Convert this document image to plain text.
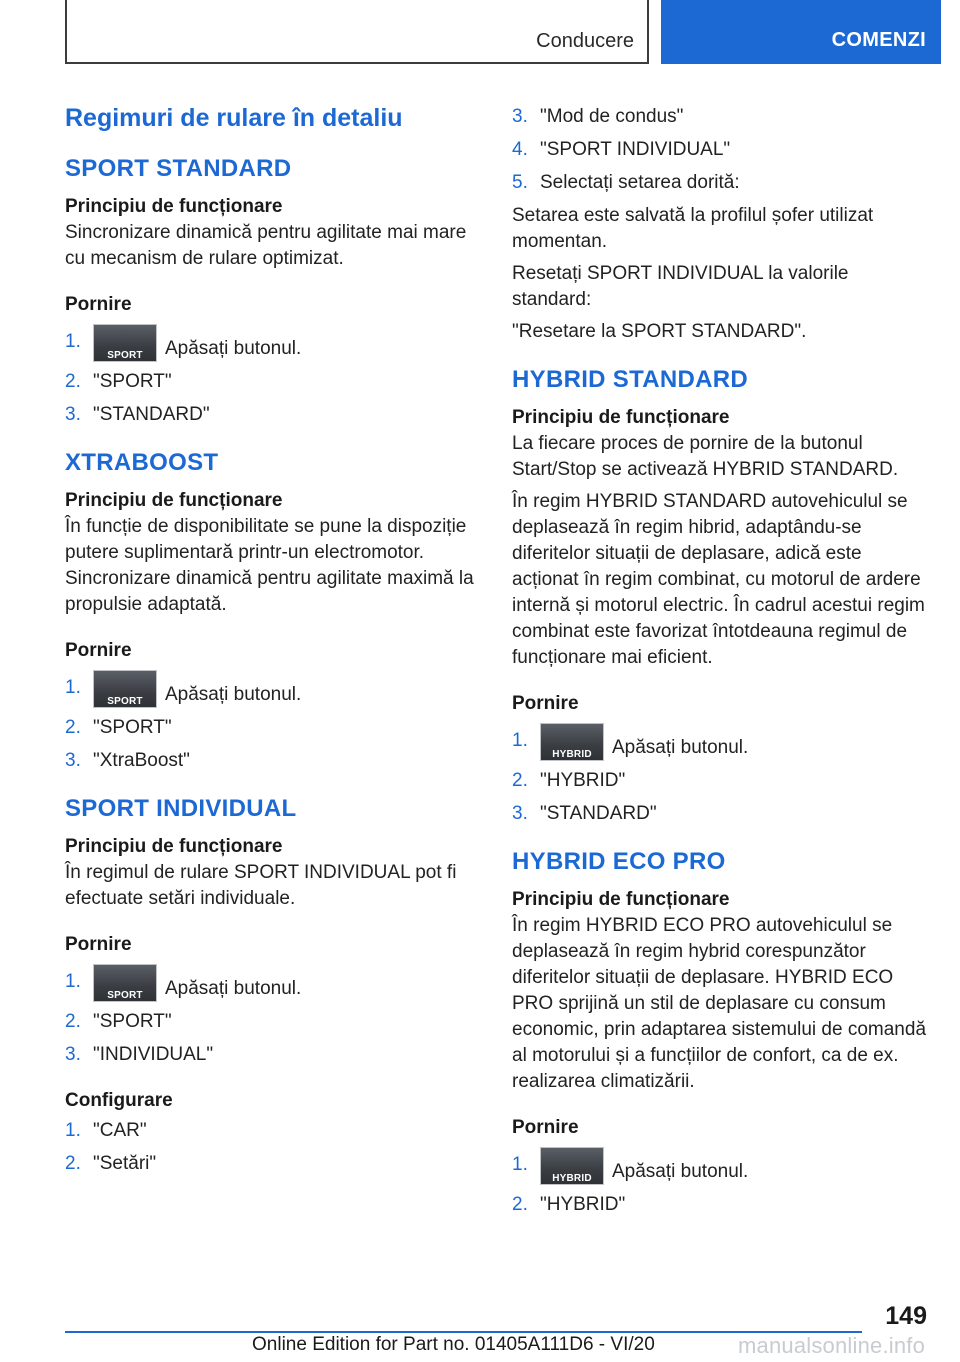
Conducere	COMENZI
Regimuri de rulare în detaliu
SPORT STANDARD
Principiu de funcționare

Sincronizare dinamică pentru agilitate mai mare cu mecanism de rulare optimizat.

Pornire
1.
SPORT	Apăsați butonul.
2. "SPORT"
3. "STANDARD"
XTRABOOST
Principiu de funcționare

În funcție de disponibilitate se pune la dispoziție putere suplimentară printr-un electromotor. Sincronizare dinamică pentru agilitate maximă la propulsie adaptată.

Pornire
1.
SPORT	Apăsați butonul.
2. "SPORT"
3. "XtraBoost"
SPORT INDIVIDUAL
Principiu de funcționare

În regimul de rulare SPORT INDIVIDUAL pot fi efectuate setări individuale.

Pornire
1.
SPORT	Apăsați butonul.
2. "SPORT"
3. "INDIVIDUAL"
Configurare
1. "CAR"
2. "Setări"
3. "Mod de condus"
4. "SPORT INDIVIDUAL"
5. Selectați setarea dorită:

Setarea este salvată la profilul șofer utilizat momentan.

Resetați SPORT INDIVIDUAL la valorile standard:

"Resetare la SPORT STANDARD".

HYBRID STANDARD
Principiu de funcționare

La fiecare proces de pornire de la butonul Start/Stop se activează HYBRID STANDARD.

În regim HYBRID STANDARD autovehiculul se deplasează în regim hibrid, adaptându-se diferitelor situații de deplasare, adică este acționat în regim combinat, cu motorul de ardere internă și motorul electric. În cadrul acestui regim combinat este favorizat întotdeauna regimul de funcționare mai eficient.

Pornire
1.
HYBRID	Apăsați butonul.
2. "HYBRID"
3. "STANDARD"
HYBRID ECO PRO
Principiu de funcționare

În regim HYBRID ECO PRO autovehiculul se deplasează în regim hybrid corespunzător diferitelor situații de deplasare. HYBRID ECO PRO sprijină un stil de deplasare cu consum economic, prin adaptarea sistemului de comandă al motorului și a funcțiilor de confort, ca de ex. realizarea climatizării.

Pornire
1.
HYBRID	Apăsați butonul.
2. "HYBRID"
149
Online Edition for Part no. 01405A111D6 - VI/20	manualsonline.info
